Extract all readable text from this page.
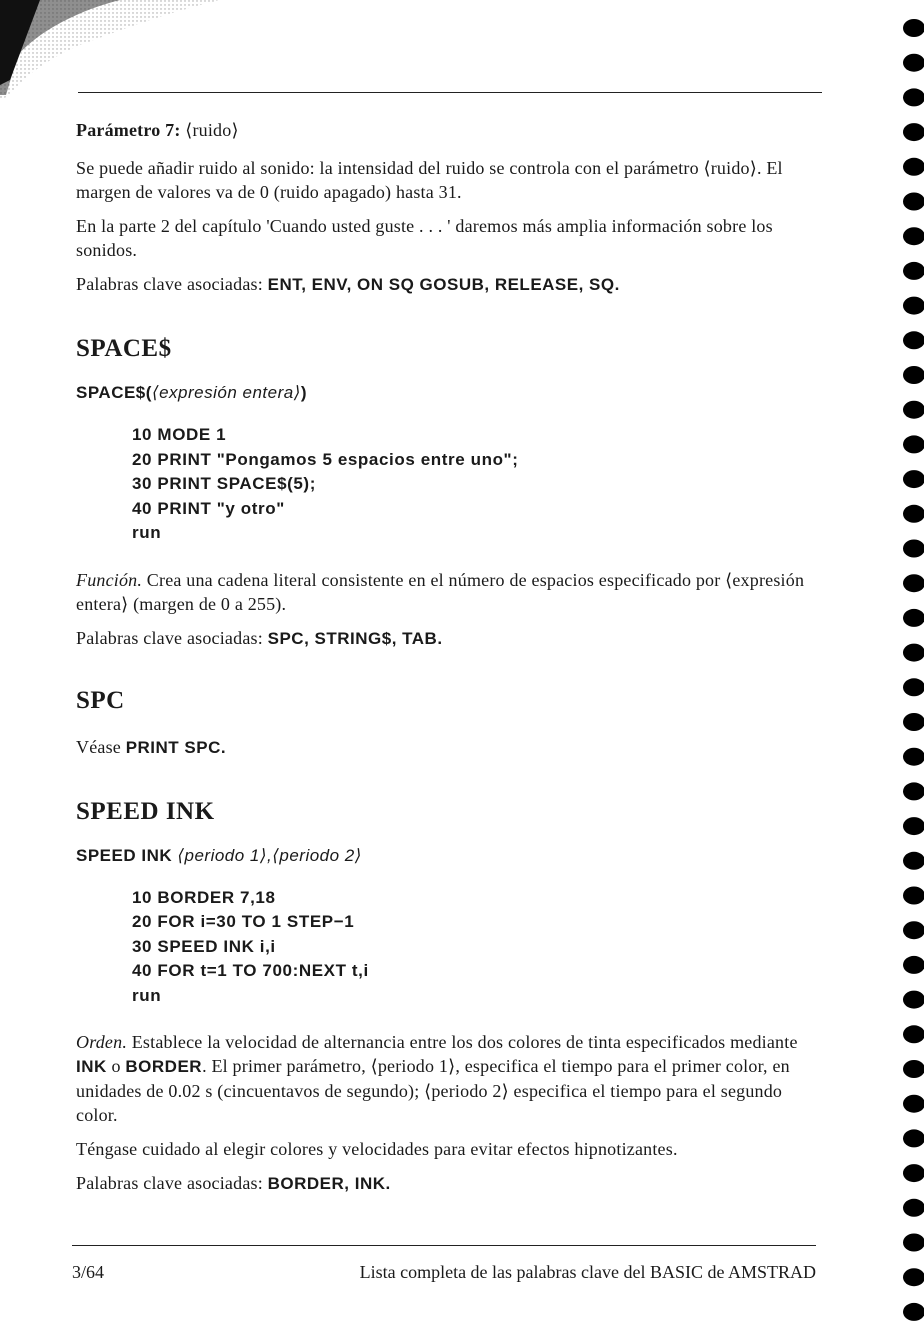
Parámetro 7: ⟨ruido⟩

Se puede añadir ruido al sonido: la intensidad del ruido se controla con el parámetro ⟨ruido⟩. El margen de valores va de 0 (ruido apagado) hasta 31.

En la parte 2 del capítulo 'Cuando usted guste . . . ' daremos más amplia información sobre los sonidos.

Palabras clave asociadas: ENT, ENV, ON SQ GOSUB, RELEASE, SQ.

SPACE$
SPACE$(⟨expresión entera⟩)
10 MODE 1
20 PRINT "Pongamos 5 espacios entre uno";
30 PRINT SPACE$(5);
40 PRINT "y otro"
run

Función. Crea una cadena literal consistente en el número de espacios especificado por ⟨expresión entera⟩ (margen de 0 a 255).

Palabras clave asociadas: SPC, STRING$, TAB.

SPC

Véase PRINT SPC.

SPEED INK
SPEED INK ⟨periodo 1⟩,⟨periodo 2⟩
10 BORDER 7,18
20 FOR i=30 TO 1 STEP−1
30 SPEED INK i,i
40 FOR t=1 TO 700:NEXT t,i
run

Orden. Establece la velocidad de alternancia entre los dos colores de tinta especificados mediante INK o BORDER. El primer parámetro, ⟨periodo 1⟩, especifica el tiempo para el primer color, en unidades de 0.02 s (cincuentavos de segundo); ⟨periodo 2⟩ especifica el tiempo para el segundo color.

Téngase cuidado al elegir colores y velocidades para evitar efectos hipnotizantes.

Palabras clave asociadas: BORDER, INK.

3/64	Lista completa de las palabras clave del BASIC de AMSTRAD
